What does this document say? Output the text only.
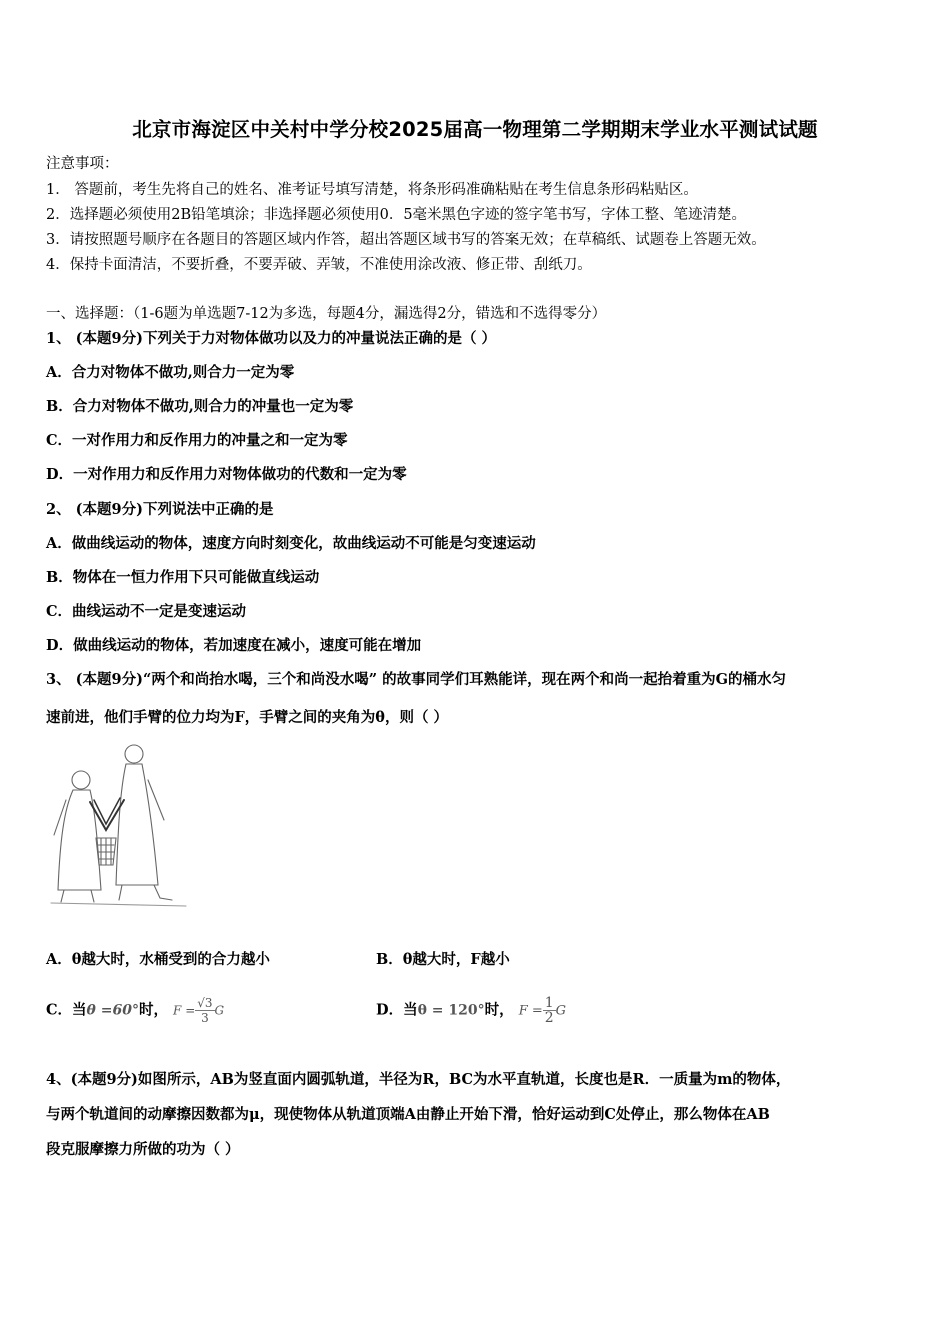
北京市海淀区中关村中学分校2025届高一物理第二学期期末学业水平测试试题
注意事项：
1． 答题前，考生先将自己的姓名、准考证号填写清楚，将条形码准确粘贴在考生信息条形码粘贴区。
2．选择题必须使用2B铅笔填涂；非选择题必须使用0．5毫米黑色字迹的签字笔书写，字体工整、笔迹清楚。
3．请按照题号顺序在各题目的答题区域内作答，超出答题区域书写的答案无效；在草稿纸、试题卷上答题无效。
4．保持卡面清洁，不要折叠，不要弄破、弄皱，不准使用涂改液、修正带、刮纸刀。
一、选择题：（1-6题为单选题7-12为多选，每题4分，漏选得2分，错选和不选得零分）
1、 (本题9分)下列关于力对物体做功以及力的冲量说法正确的是（ ）
A．合力对物体不做功,则合力一定为零
B．合力对物体不做功,则合力的冲量也一定为零
C．一对作用力和反作用力的冲量之和一定为零
D．一对作用力和反作用力对物体做功的代数和一定为零
2、 (本题9分)下列说法中正确的是
A．做曲线运动的物体，速度方向时刻变化，故曲线运动不可能是匀变速运动
B．物体在一恒力作用下只可能做直线运动
C．曲线运动不一定是变速运动
D．做曲线运动的物体，若加速度在减小，速度可能在增加
3、 (本题9分)“两个和尚抬水喝，三个和尚没水喝” 的故事同学们耳熟能详，现在两个和尚一起抬着重为G的桶水匀
速前进，他们手臂的位力均为F，手臂之间的夹角为θ，则（ ）
A．θ越大时，水桶受到的合力越小	B．θ越大时，F越小
C．当θ =60°时， $F = \frac{√3}{3}$ G	D．当θ = 120°时， $F = \frac{1}{2}$ G
4、(本题9分)如图所示，AB为竖直面内圆弧轨道，半径为R，BC为水平直轨道，长度也是R．一质量为m的物体，
与两个轨道间的动摩擦因数都为μ，现使物体从轨道顶端A由静止开始下滑，恰好运动到C处停止，那么物体在AB
段克服摩擦力所做的功为（ ）
